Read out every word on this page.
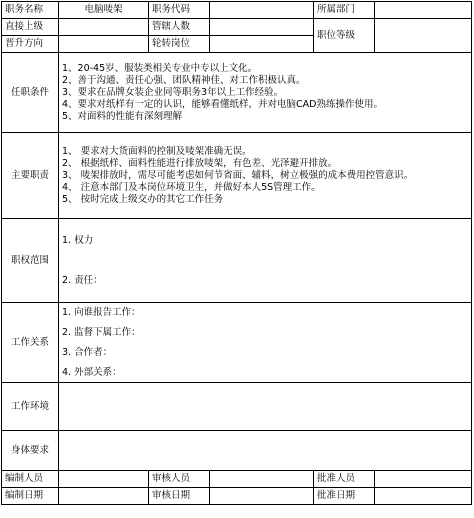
职务名称	电脑唛架	职务代码		所属部门	
直接上级		管辖人数		职位等级	
晋升方向		轮转岗位			
任职条件	1、20-45岁、服装类相关专业中专以上文化。
2、善于沟通、责任心强、团队精神佳、对工作积极认真。
3、要求在品牌女装企业同等职务3年以上工作经验。
4、要求对纸样有一定的认识，能够看懂纸样，并对电脑CAD熟练操作使用。
5、对面料的性能有深刻理解				

主要职责	1、 要求对大货面料的控制及唛架准确无误。
2、 根据纸样、面料性能进行排放唛架，有色差、光泽避开排放。
3、 唛架排放时，需尽可能考虑如何节省面、辅料，树立极强的成本费用控管意识。
4、 注意本部门及本岗位环境卫生，并做好本人5S管理工作。
5、 按时完成上级交办的其它工作任务				

职权范围	1. 权力
2. 责任：				

工作关系	1. 向谁报告工作：
2. 监督下属工作：
3. 合作者：
4. 外部关系：				

工作环境					
身体要求					
编制人员		审核人员		批准人员	
编制日期		审核日期		批准日期	
